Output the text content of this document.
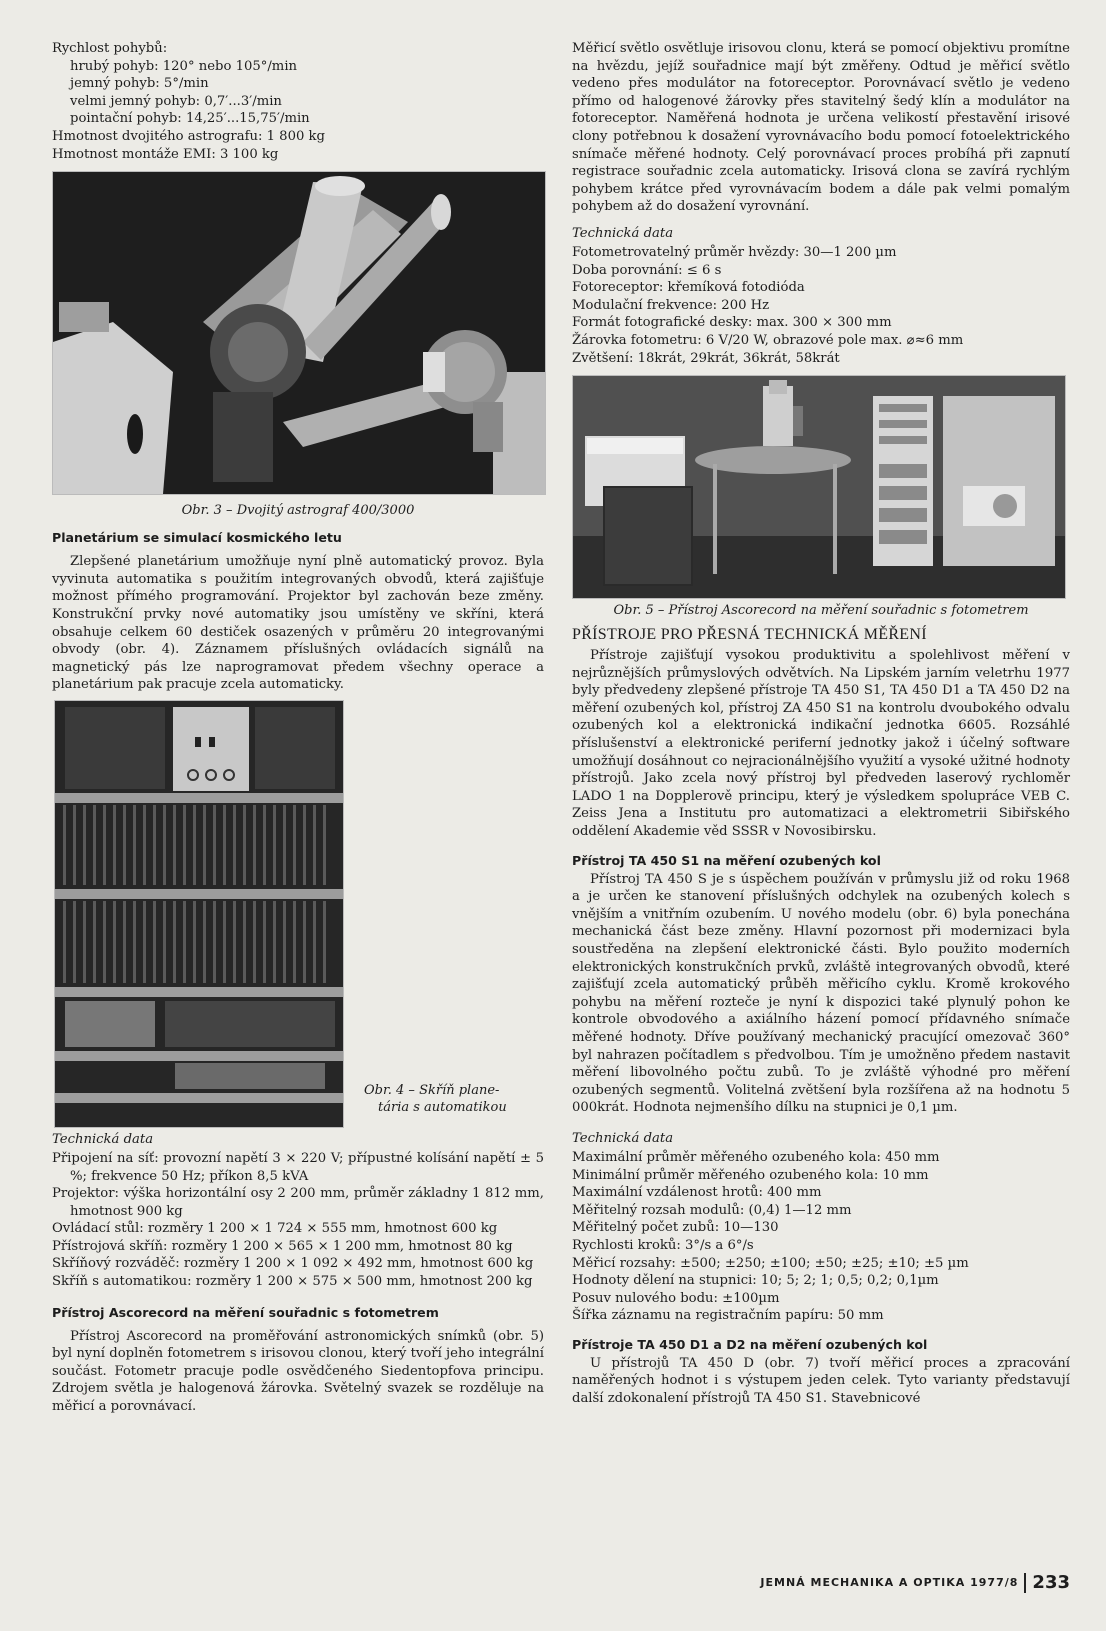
Rychlost pohybů:
hrubý pohyb: 120° nebo 105°/min
jemný pohyb: 5°/min
velmi jemný pohyb: 0,7′...3′/min
pointační pohyb: 14,25′...15,75′/min
Hmotnost dvojitého astrografu: 1 800 kg
Hmotnost montáže EMI: 3 100 kg
Obr. 3 – Dvojitý astrograf 400/3000
Planetárium se simulací kosmického letu

Zlepšené planetárium umožňuje nyní plně automatický provoz. Byla vyvinuta automatika s použitím integrovaných obvodů, která zajišťuje možnost přímého programování. Projektor byl zachován beze změny. Konstrukční prvky nové automatiky jsou umístěny ve skříni, která obsahuje celkem 60 destiček osazených v průměru 20 integrovanými obvody (obr. 4). Záznamem příslušných ovládacích signálů na magnetický pás lze naprogramovat předem všechny operace a planetárium pak pracuje zcela automaticky.

Obr. 4 – Skříň plane-
tária s automatikou
Technická data

Připojení na síť: provozní napětí 3 × 220 V; přípustné kolísání napětí ± 5 %; frekvence 50 Hz; příkon 8,5 kVA

Projektor: výška horizontální osy 2 200 mm, průměr základny 1 812 mm, hmotnost 900 kg

Ovládací stůl: rozměry 1 200 × 1 724 × 555 mm, hmotnost 600 kg

Přístrojová skříň: rozměry 1 200 × 565 × 1 200 mm, hmotnost 80 kg

Skříňový rozváděč: rozměry 1 200 × 1 092 × 492 mm, hmotnost 600 kg

Skříň s automatikou: rozměry 1 200 × 575 × 500 mm, hmotnost 200 kg

Přístroj Ascorecord na měření souřadnic s fotometrem

Přístroj Ascorecord na proměřování astronomických snímků (obr. 5) byl nyní doplněn fotometrem s irisovou clonou, který tvoří jeho integrální součást. Fotometr pracuje podle osvědčeného Siedentopfova principu. Zdrojem světla je halogenová žárovka. Světelný svazek se rozděluje na měřicí a porovnávací.

Měřicí světlo osvětluje irisovou clonu, která se pomocí objektivu promítne na hvězdu, jejíž souřadnice mají být změřeny. Odtud je měřicí světlo vedeno přes modulátor na fotoreceptor. Porovnávací světlo je vedeno přímo od halogenové žárovky přes stavitelný šedý klín a modulátor na fotoreceptor. Naměřená hodnota je určena velikostí přestavění irisové clony potřebnou k dosažení vyrovnávacího bodu pomocí fotoelektrického snímače měřené hodnoty. Celý porovnávací proces probíhá při zapnutí registrace souřadnic zcela automaticky. Irisová clona se zavírá rychlým pohybem krátce před vyrovnávacím bodem a dále pak velmi pomalým pohybem až do dosažení vyrovnání.

Technická data
Fotometrovatelný průměr hvězdy: 30—1 200 µm
Doba porovnání: ≤ 6 s
Fotoreceptor: křemíková fotodióda
Modulační frekvence: 200 Hz
Formát fotografické desky: max. 300 × 300 mm
Žárovka fotometru: 6 V/20 W, obrazové pole max. ⌀≈6 mm
Zvětšení: 18krát, 29krát, 36krát, 58krát
Obr. 5 – Přístroj Ascorecord na měření souřadnic s fotometrem
PŘÍSTROJE PRO PŘESNÁ TECHNICKÁ MĚŘENÍ

Přístroje zajišťují vysokou produktivitu a spolehlivost měření v nejrůznějších průmyslových odvětvích. Na Lipském jarním veletrhu 1977 byly předvedeny zlepšené přístroje TA 450 S1, TA 450 D1 a TA 450 D2 na měření ozubených kol, přístroj ZA 450 S1 na kontrolu dvoubokého odvalu ozubených kol a elektronická indikační jednotka 6605. Rozsáhlé příslušenství a elektronické periferní jednotky jakož i účelný software umožňují dosáhnout co nejracionálnějšího využití a vysoké užitné hodnoty přístrojů. Jako zcela nový přístroj byl předveden laserový rychloměr LADO 1 na Dopplerově principu, který je výsledkem spolupráce VEB C. Zeiss Jena a Institutu pro automatizaci a elektrometrii Sibiřského oddělení Akademie věd SSSR v Novosibirsku.

Přístroj TA 450 S1 na měření ozubených kol

Přístroj TA 450 S je s úspěchem používán v průmyslu již od roku 1968 a je určen ke stanovení příslušných odchylek na ozubených kolech s vnějším a vnitřním ozubením. U nového modelu (obr. 6) byla ponechána mechanická část beze změny. Hlavní pozornost při modernizaci byla soustředěna na zlepšení elektronické části. Bylo použito moderních elektronických konstrukčních prvků, zvláště integrovaných obvodů, které zajišťují zcela automatický průběh měřicího cyklu. Kromě krokového pohybu na měření rozteče je nyní k dispozici také plynulý pohon ke kontrole obvodového a axiálního házení pomocí přídavného snímače měřené hodnoty. Dříve používaný mechanický pracující omezovač 360° byl nahrazen počítadlem s předvolbou. Tím je umožněno předem nastavit měření libovolného počtu zubů. To je zvláště výhodné pro měření ozubených segmentů. Volitelná zvětšení byla rozšířena až na hodnotu 5 000krát. Hodnota nejmenšího dílku na stupnici je 0,1 µm.

Technická data
Maximální průměr měřeného ozubeného kola: 450 mm
Minimální průměr měřeného ozubeného kola: 10 mm
Maximální vzdálenost hrotů: 400 mm
Měřitelný rozsah modulů: (0,4) 1—12 mm
Měřitelný počet zubů: 10—130
Rychlosti kroků: 3°/s a 6°/s
Měřicí rozsahy: ±500; ±250; ±100; ±50; ±25; ±10; ±5 µm
Hodnoty dělení na stupnici: 10; 5; 2; 1; 0,5; 0,2; 0,1µm
Posuv nulového bodu: ±100µm
Šířka záznamu na registračním papíru: 50 mm
Přístroje TA 450 D1 a D2 na měření ozubených kol

U přístrojů TA 450 D (obr. 7) tvoří měřicí proces a zpracování naměřených hodnot i s výstupem jeden celek. Tyto varianty představují další zdokonalení přístrojů TA 450 S1. Stavebnicové

JEMNÁ MECHANIKA A OPTIKA 1977/8 233
